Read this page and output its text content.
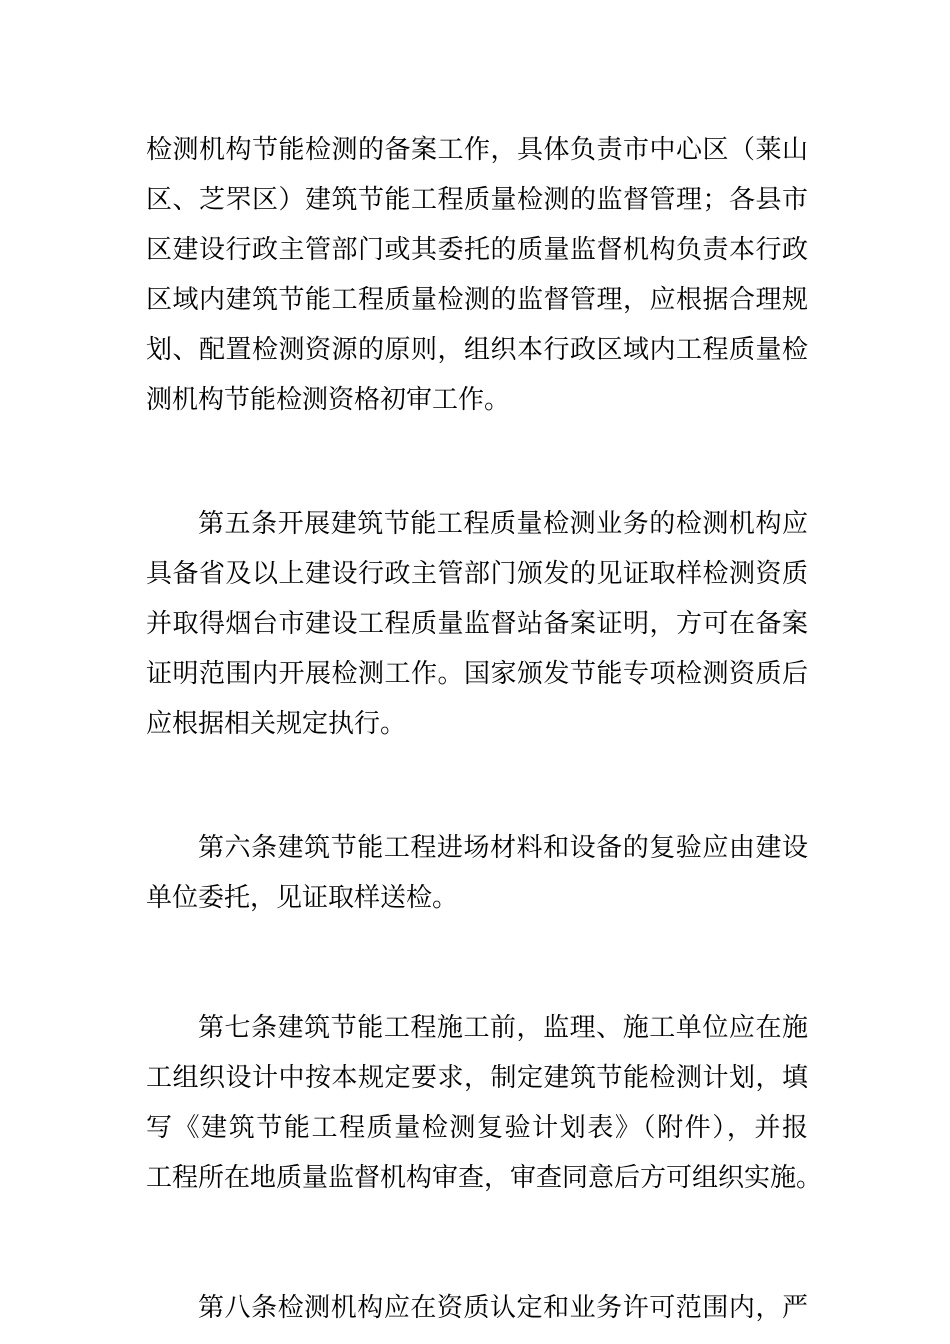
检测机构节能检测的备案工作，具体负责市中心区（莱山
区、芝罘区）建筑节能工程质量检测的监督管理；各县市
区建设行政主管部门或其委托的质量监督机构负责本行政
区域内建筑节能工程质量检测的监督管理，应根据合理规
划、配置检测资源的原则，组织本行政区域内工程质量检
测机构节能检测资格初审工作。
第五条开展建筑节能工程质量检测业务的检测机构应
具备省及以上建设行政主管部门颁发的见证取样检测资质
并取得烟台市建设工程质量监督站备案证明，方可在备案
证明范围内开展检测工作。国家颁发节能专项检测资质后
应根据相关规定执行。
第六条建筑节能工程进场材料和设备的复验应由建设
单位委托，见证取样送检。
第七条建筑节能工程施工前，监理、施工单位应在施
工组织设计中按本规定要求，制定建筑节能检测计划，填
写《建筑节能工程质量检测复验计划表》（附件），并报
工程所在地质量监督机构审查，审查同意后方可组织实施。
第八条检测机构应在资质认定和业务许可范围内，严
